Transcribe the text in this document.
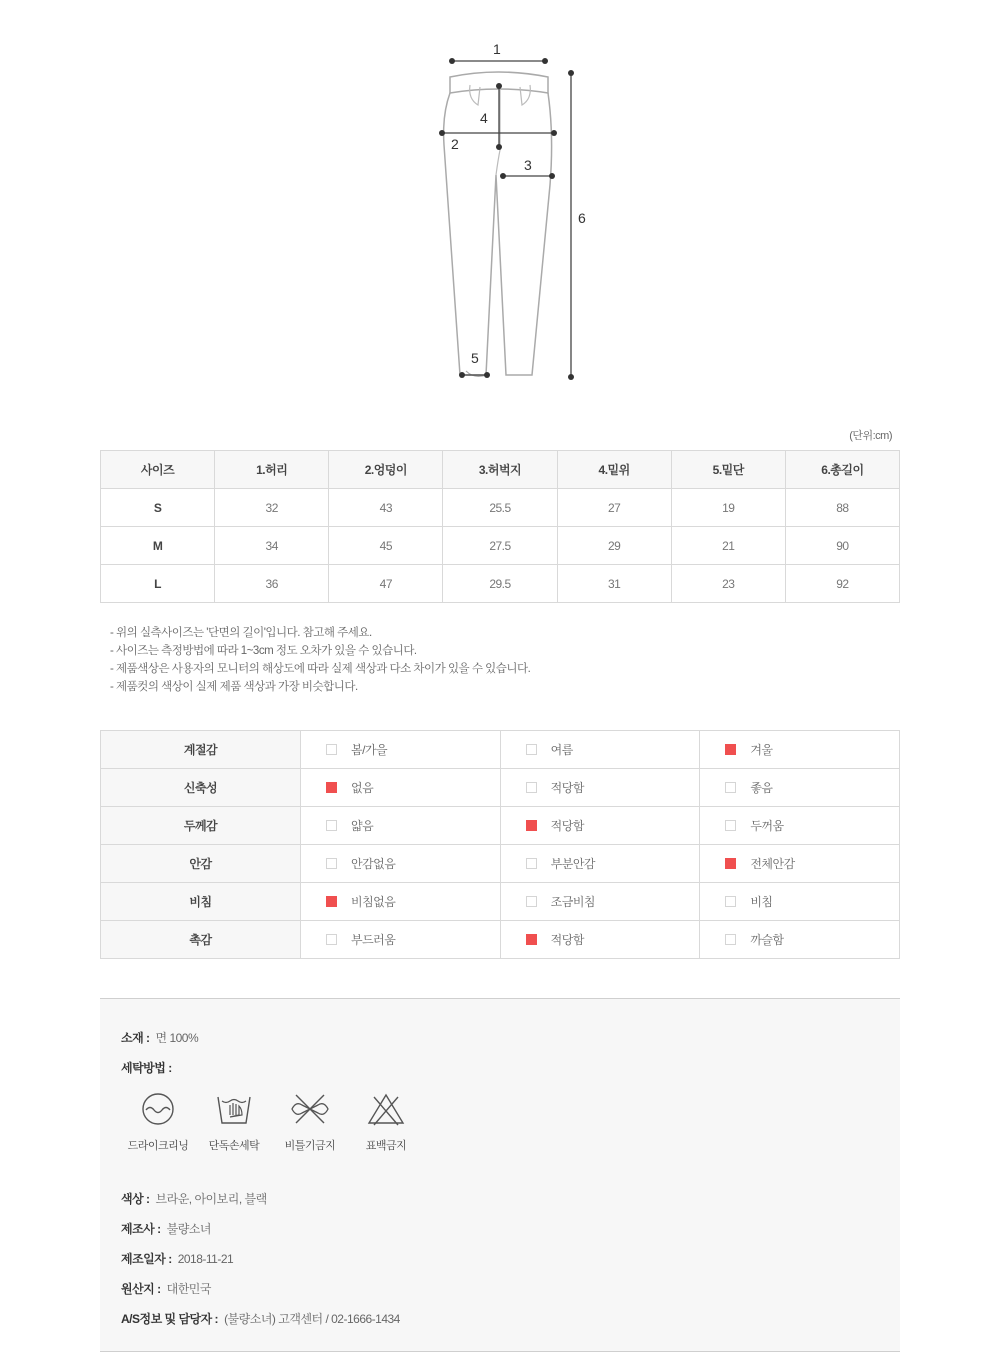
1
4
2
3
5
6
(단위:cm)
사이즈	1.허리	2.엉덩이	3.허벅지	4.밑위	5.밑단	6.총길이
S	32	43	25.5	27	19	88
M	34	45	27.5	29	21	90
L	36	47	29.5	31	23	92
- 위의 실측사이즈는 '단면의 길이'입니다. 참고해 주세요.
- 사이즈는 측정방법에 따라 1~3cm 정도 오차가 있을 수 있습니다.
- 제품색상은 사용자의 모니터의 해상도에 따라 실제 색상과 다소 차이가 있을 수 있습니다.
- 제품컷의 색상이 실제 제품 색상과 가장 비슷합니다.
계절감	봄/가을	여름	겨울
신축성	없음	적당함	좋음
두께감	얇음	적당함	두꺼움
안감	안감없음	부분안감	전체안감
비침	비침없음	조금비침	비침
촉감	부드러움	적당함	까슬함
소재 : 면 100%
세탁방법 :
드라이크리닝	단독손세탁	비틀기금지	표백금지
색상 : 브라운, 아이보리, 블랙
제조사 : 불량소녀
제조일자 : 2018-11-21
원산지 : 대한민국
A/S정보 및 담당자 : (불량소녀) 고객센터 / 02-1666-1434
